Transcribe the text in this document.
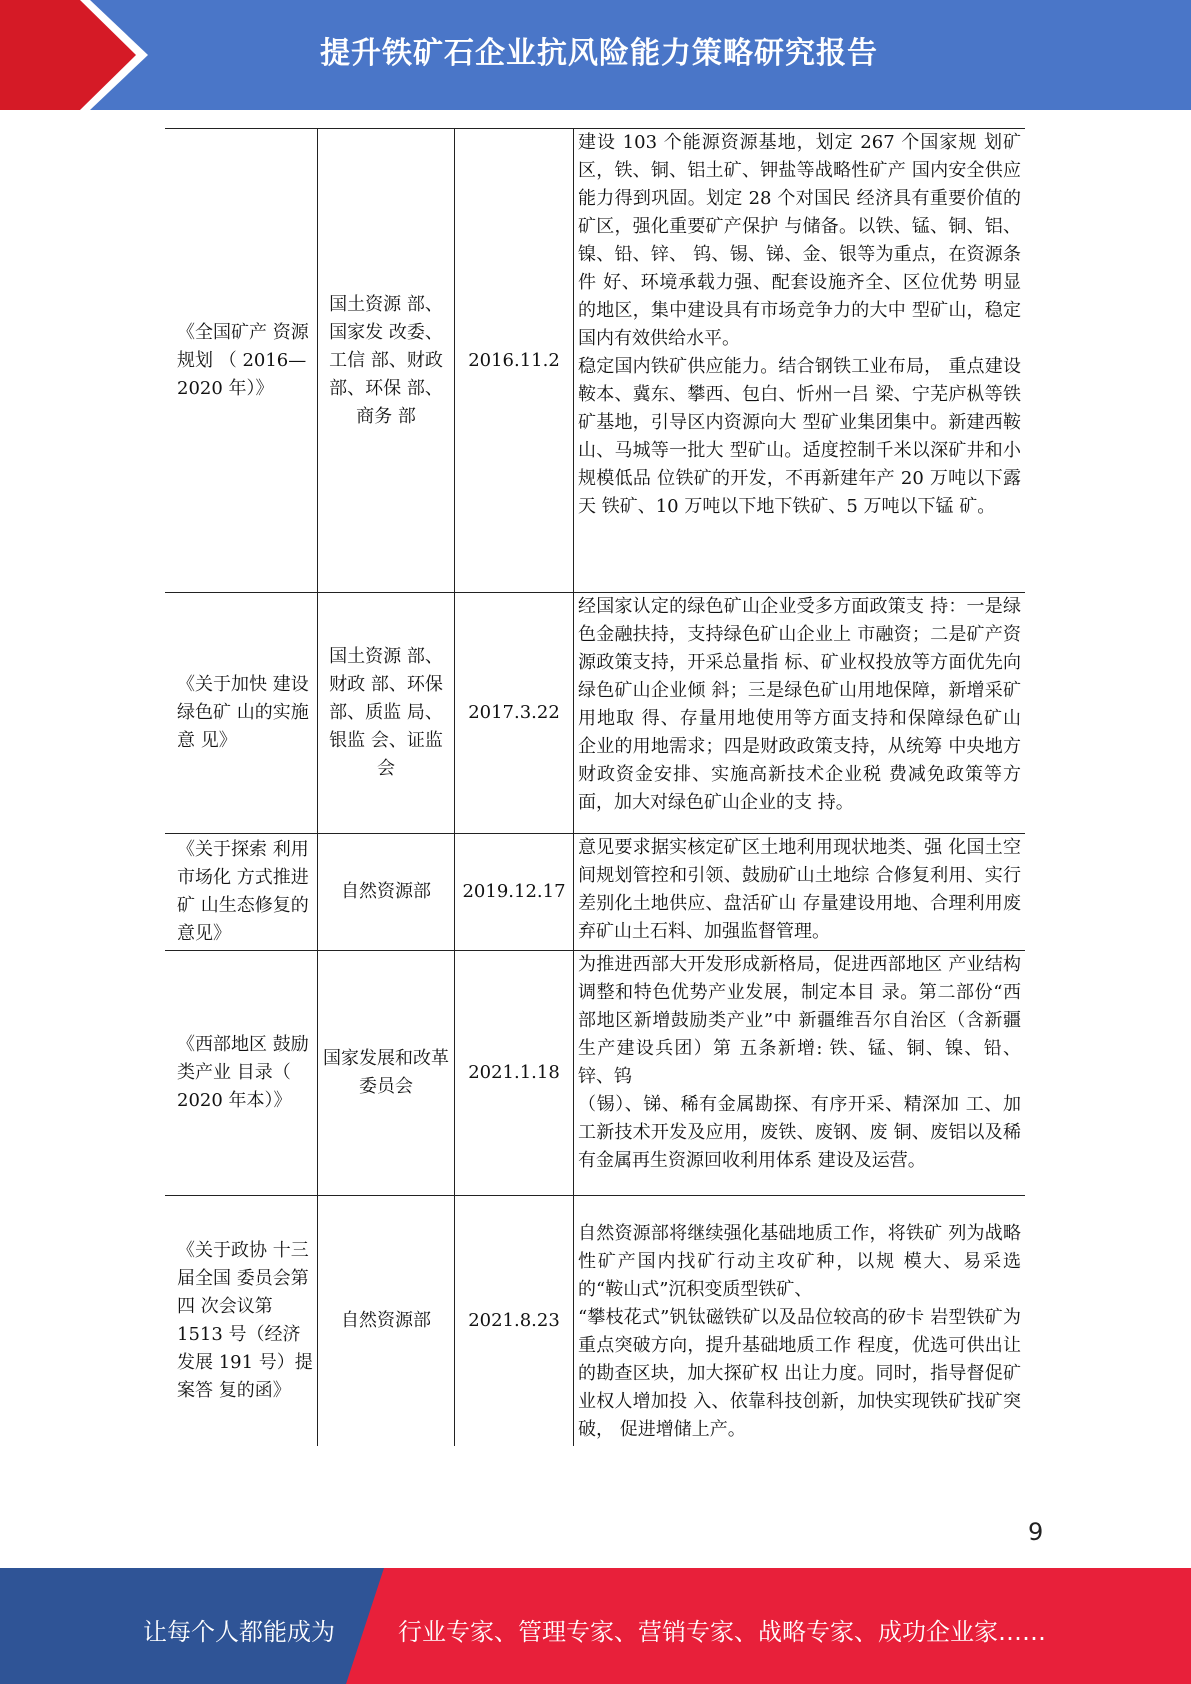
提升铁矿石企业抗风险能力策略研究报告
《全国矿产 资源规划 （ 2016—2020 年）》	国土资源 部、国家发 改委、 工信 部、财政 部、环保 部、商务 部	2016.11.2	建设 103 个能源资源基地，划定 267 个国家规 划矿区，铁、铜、铝土矿、钾盐等战略性矿产 国内安全供应能力得到巩固。划定 28 个对国民 经济具有重要价值的矿区，强化重要矿产保护 与储备。以铁、锰、铜、铝、镍、铅、锌、 钨、锡、锑、金、银等为重点，在资源条件 好、环境承载力强、配套设施齐全、区位优势 明显的地区，集中建设具有市场竞争力的大中 型矿山，稳定国内有效供给水平。
稳定国内铁矿供应能力。结合钢铁工业布局， 重点建设鞍本、冀东、攀西、包白、忻州一吕 梁、宁芜庐枞等铁矿基地，引导区内资源向大 型矿业集团集中。新建西鞍山、马城等一批大 型矿山。适度控制千米以深矿井和小规模低品 位铁矿的开发，不再新建年产 20 万吨以下露天 铁矿、10 万吨以下地下铁矿、5 万吨以下锰 矿。

《关于加快 建设绿色矿 山的实施意 见》	国土资源 部、财政 部、环保 部、质监 局、银监 会、证监 会	2017.3.22	经国家认定的绿色矿山企业受多方面政策支 持：一是绿色金融扶持，支持绿色矿山企业上 市融资；二是矿产资源政策支持，开采总量指 标、矿业权投放等方面优先向绿色矿山企业倾 斜；三是绿色矿山用地保障，新增采矿用地取 得、存量用地使用等方面支持和保障绿色矿山 企业的用地需求；四是财政政策支持，从统筹 中央地方财政资金安排、实施高新技术企业税 费减免政策等方面，加大对绿色矿山企业的支 持。

《关于探索 利用市场化 方式推进矿 山生态修复的意见》	自然资源部	2019.12.17	意见要求据实核定矿区土地利用现状地类、强 化国土空间规划管控和引领、鼓励矿山土地综 合修复利用、实行差别化土地供应、盘活矿山 存量建设用地、合理利用废弃矿山土石料、加强监督管理。

《西部地区 鼓励类产业 目录（ 2020 年本）》	国家发展和改革委员会	2021.1.18	为推进西部大开发形成新格局，促进西部地区 产业结构调整和特色优势产业发展，制定本目 录。第二部份“西部地区新增鼓励类产业”中 新疆维吾尔自治区（含新疆生产建设兵团）第 五条新增: 铁、锰、铜、镍、铅、锌、钨
（锡）、锑、稀有金属勘探、有序开采、精深加 工、加工新技术开发及应用，废铁、废钢、废 铜、废铝以及稀有金属再生资源回收利用体系 建设及运营。

《关于政协 十三届全国 委员会第四 次会议第 1513 号（经济发展 191 号）提案答 复的函》	自然资源部	2021.8.23	自然资源部将继续强化基础地质工作，将铁矿 列为战略性矿产国内找矿行动主攻矿种，以规 模大、易采选的“鞍山式”沉积变质型铁矿、
“攀枝花式”钒钛磁铁矿以及品位较高的矽卡 岩型铁矿为重点突破方向，提升基础地质工作 程度，优选可供出让的勘查区块，加大探矿权 出让力度。同时，指导督促矿业权人增加投 入、依靠科技创新，加快实现铁矿找矿突破， 促进增储上产。
9
让每个人都能成为	行业专家、管理专家、营销专家、战略专家、成功企业家……
